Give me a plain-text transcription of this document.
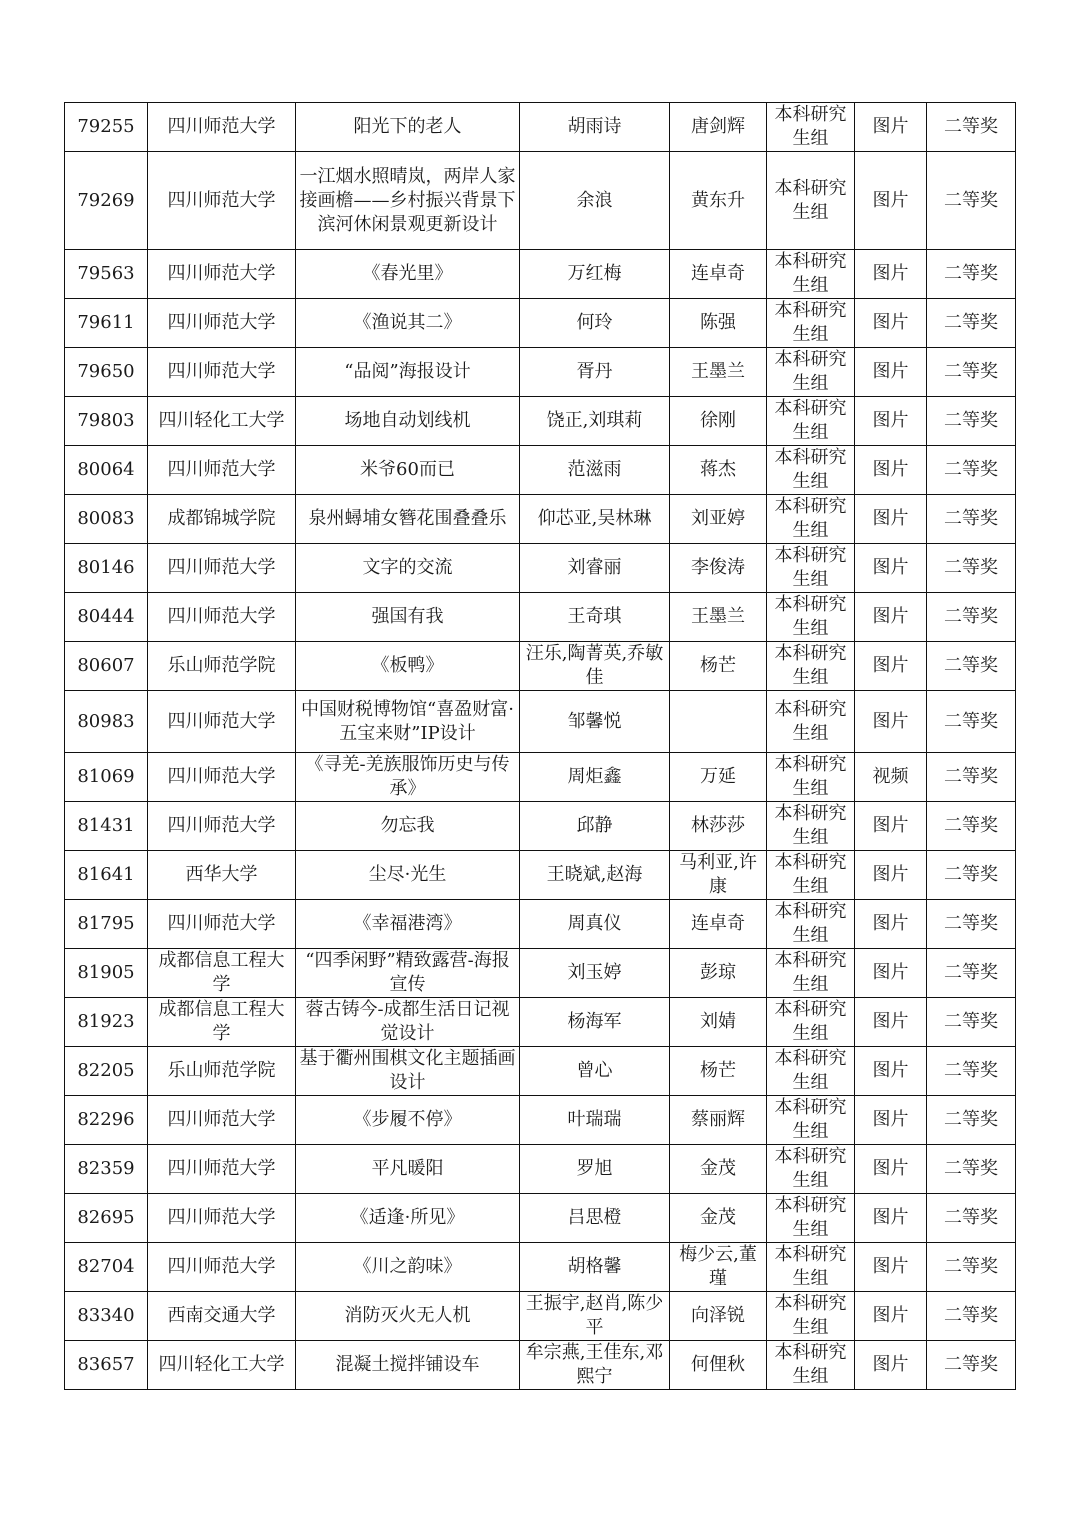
79255	四川师范大学	阳光下的老人	胡雨诗	唐剑辉	本科研究生组	图片	二等奖
79269	四川师范大学	一江烟水照晴岚，两岸人家接画檐——乡村振兴背景下滨河休闲景观更新设计	余浪	黄东升	本科研究生组	图片	二等奖
79563	四川师范大学	《春光里》	万红梅	连卓奇	本科研究生组	图片	二等奖
79611	四川师范大学	《渔说其二》	何玲	陈强	本科研究生组	图片	二等奖
79650	四川师范大学	“品阅”海报设计	胥丹	王墨兰	本科研究生组	图片	二等奖
79803	四川轻化工大学	场地自动划线机	饶正,刘琪莉	徐刚	本科研究生组	图片	二等奖
80064	四川师范大学	米爷60而已	范滋雨	蒋杰	本科研究生组	图片	二等奖
80083	成都锦城学院	泉州蟳埔女簪花围叠叠乐	仰芯亚,吴林琳	刘亚婷	本科研究生组	图片	二等奖
80146	四川师范大学	文字的交流	刘睿丽	李俊涛	本科研究生组	图片	二等奖
80444	四川师范大学	强国有我	王奇琪	王墨兰	本科研究生组	图片	二等奖
80607	乐山师范学院	《板鸭》	汪乐,陶菁英,乔敏佳	杨芒	本科研究生组	图片	二等奖
80983	四川师范大学	中国财税博物馆“喜盈财富·五宝来财”IP设计	邹馨悦		本科研究生组	图片	二等奖
81069	四川师范大学	《寻羌-羌族服饰历史与传承》	周炬鑫	万延	本科研究生组	视频	二等奖
81431	四川师范大学	勿忘我	邱静	林莎莎	本科研究生组	图片	二等奖
81641	西华大学	尘尽·光生	王晓斌,赵海	马利亚,许康	本科研究生组	图片	二等奖
81795	四川师范大学	《幸福港湾》	周真仪	连卓奇	本科研究生组	图片	二等奖
81905	成都信息工程大学	“四季闲野”精致露营-海报宣传	刘玉婷	彭琼	本科研究生组	图片	二等奖
81923	成都信息工程大学	蓉古铸今-成都生活日记视觉设计	杨海军	刘婧	本科研究生组	图片	二等奖
82205	乐山师范学院	基于衢州围棋文化主题插画设计	曾心	杨芒	本科研究生组	图片	二等奖
82296	四川师范大学	《步履不停》	叶瑞瑞	蔡丽辉	本科研究生组	图片	二等奖
82359	四川师范大学	平凡暖阳	罗旭	金茂	本科研究生组	图片	二等奖
82695	四川师范大学	《适逢·所见》	吕思橙	金茂	本科研究生组	图片	二等奖
82704	四川师范大学	《川之韵味》	胡格馨	梅少云,董瑾	本科研究生组	图片	二等奖
83340	西南交通大学	消防灭火无人机	王振宇,赵肖,陈少平	向泽锐	本科研究生组	图片	二等奖
83657	四川轻化工大学	混凝土搅拌铺设车	牟宗燕,王佳东,邓熙宁	何俚秋	本科研究生组	图片	二等奖
